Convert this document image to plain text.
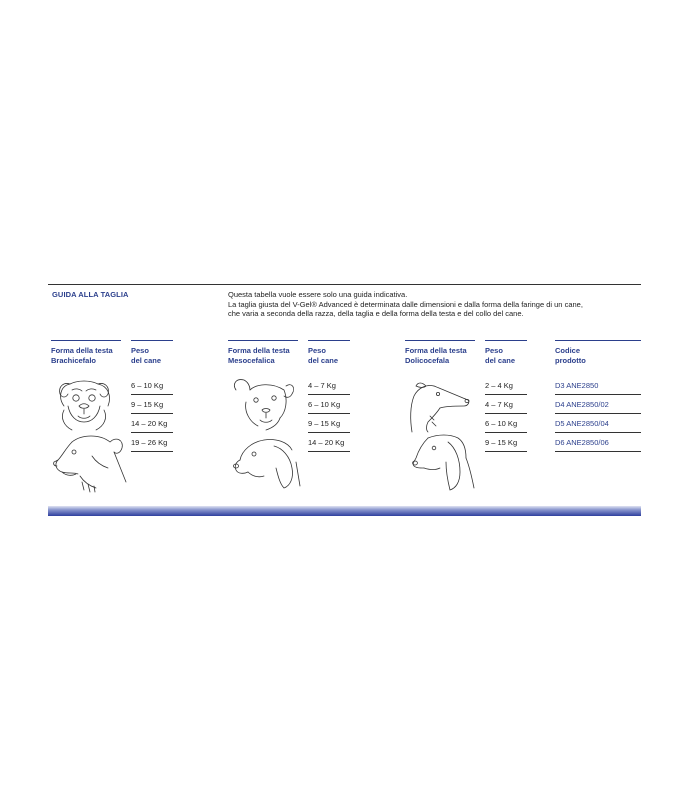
GUIDA ALLA TAGLIA	Questa tabella vuole essere solo una guida indicativa.

La taglia giusta del V-Gel® Advanced è determinata dalle dimensioni e dalla forma della faringe di un cane,

che varia a seconda della razza, della taglia e della forma della testa e del collo del cane.

Forma della testa
Brachicefalo
Peso
del cane
6 – 10 Kg
9 – 15 Kg
14 – 20 Kg
19 – 26 Kg
Forma della testa
Mesocefalica
Peso
del cane
4 – 7 Kg
6 – 10 Kg
9 – 15 Kg
14 – 20 Kg
Forma della testa
Dolicocefala
Peso
del cane
2 – 4 Kg
4 – 7 Kg
6 – 10 Kg
9 – 15 Kg
Codice
prodotto
D3 ANE2850
D4 ANE2850/02
D5 ANE2850/04
D6 ANE2850/06
